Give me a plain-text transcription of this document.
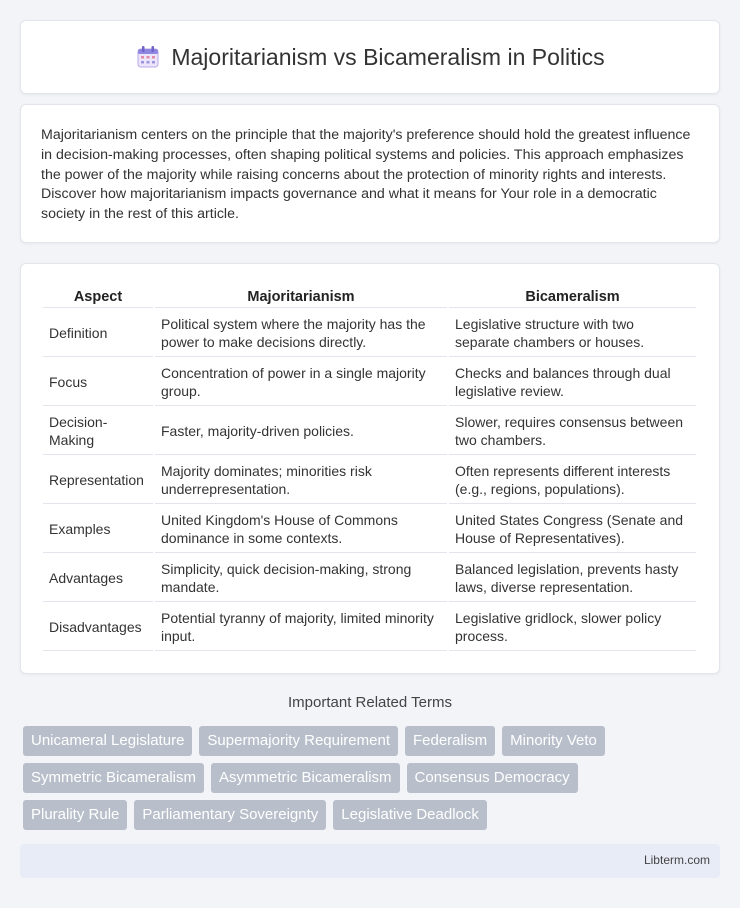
Majoritarianism vs Bicameralism in Politics

Majoritarianism centers on the principle that the majority's preference should hold the greatest influence in decision-making processes, often shaping political systems and policies. This approach emphasizes the power of the majority while raising concerns about the protection of minority rights and interests. Discover how majoritarianism impacts governance and what it means for Your role in a democratic society in the rest of this article.

Aspect	Majoritarianism	Bicameralism
Definition	Political system where the majority has the power to make decisions directly.	Legislative structure with two separate chambers or houses.
Focus	Concentration of power in a single majority group.	Checks and balances through dual legislative review.
Decision-Making	Faster, majority-driven policies.	Slower, requires consensus between two chambers.
Representation	Majority dominates; minorities risk underrepresentation.	Often represents different interests (e.g., regions, populations).
Examples	United Kingdom's House of Commons dominance in some contexts.	United States Congress (Senate and House of Representatives).
Advantages	Simplicity, quick decision-making, strong mandate.	Balanced legislation, prevents hasty laws, diverse representation.
Disadvantages	Potential tyranny of majority, limited minority input.	Legislative gridlock, slower policy process.
Important Related Terms
Unicameral Legislature	Supermajority Requirement	Federalism	Minority Veto
Symmetric Bicameralism	Asymmetric Bicameralism	Consensus Democracy
Plurality Rule	Parliamentary Sovereignty	Legislative Deadlock
Libterm.com
